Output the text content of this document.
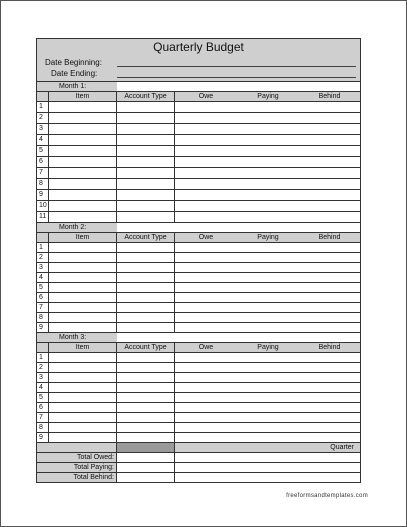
Quarterly Budget
Date Beginning:
Date Ending:
Month 1:
Item	Account Type	Owe	Paying	Behind
1
2
3
4
5
6
7
8
9
10
11
Month 2:
Item	Account Type	Owe	Paying	Behind
1
2
3
4
5
6
7
8
9
Month 3:
Item	Account Type	Owe	Paying	Behind
1
2
3
4
5
6
7
8
9
Quarter
Total Owed:
Total Paying:
Total Behind:
freeformsandtemplates.com
